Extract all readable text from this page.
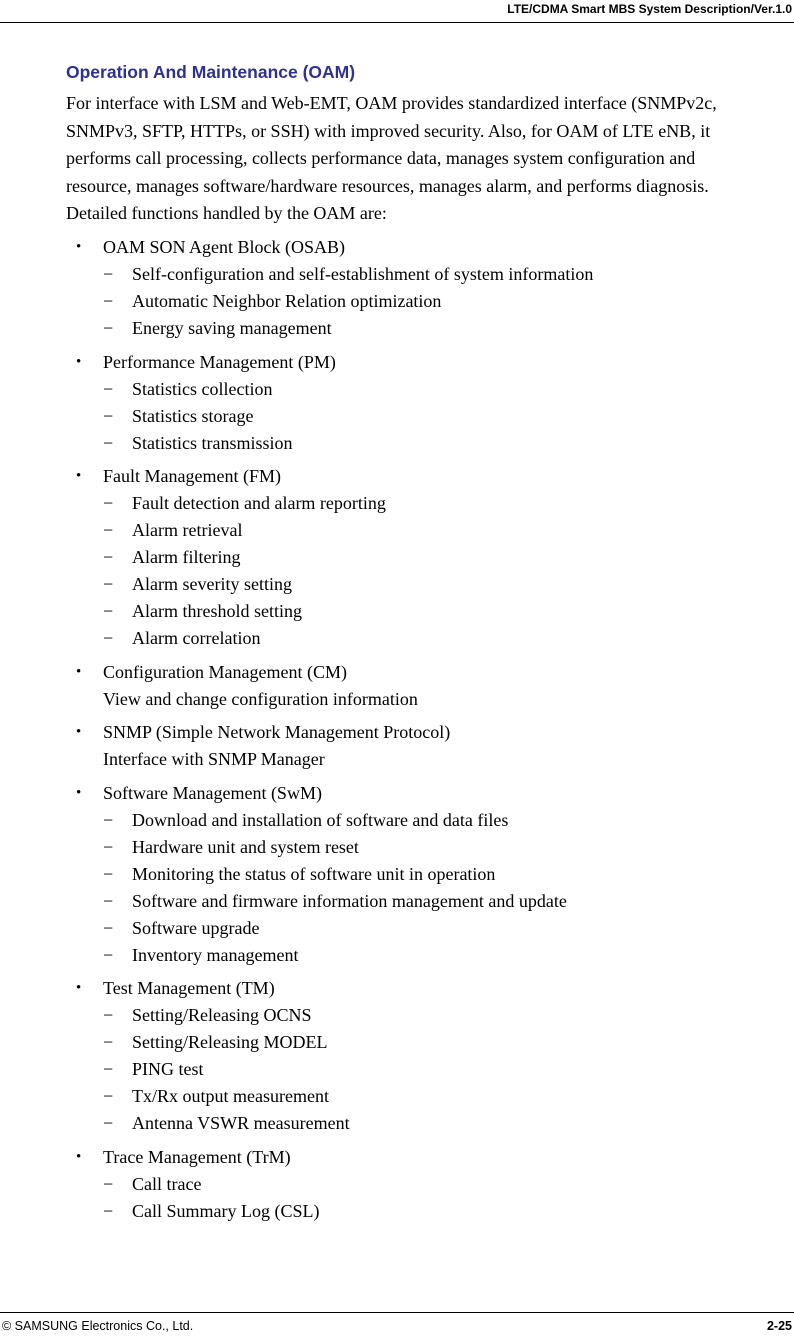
LTE/CDMA Smart MBS System Description/Ver.1.0
Operation And Maintenance (OAM)
For interface with LSM and Web-EMT, OAM provides standardized interface (SNMPv2c,
SNMPv3, SFTP, HTTPs, or SSH) with improved security. Also, for OAM of LTE eNB, it
performs call processing, collects performance data, manages system configuration and
resource, manages software/hardware resources, manages alarm, and performs diagnosis.
Detailed functions handled by the OAM are:
• OAM SON Agent Block (OSAB)
− Self-configuration and self-establishment of system information
− Automatic Neighbor Relation optimization
− Energy saving management
• Performance Management (PM)
− Statistics collection
− Statistics storage
− Statistics transmission
• Fault Management (FM)
− Fault detection and alarm reporting
− Alarm retrieval
− Alarm filtering
− Alarm severity setting
− Alarm threshold setting
− Alarm correlation
• Configuration Management (CM)
View and change configuration information
• SNMP (Simple Network Management Protocol)
Interface with SNMP Manager
• Software Management (SwM)
− Download and installation of software and data files
− Hardware unit and system reset
− Monitoring the status of software unit in operation
− Software and firmware information management and update
− Software upgrade
− Inventory management
• Test Management (TM)
− Setting/Releasing OCNS
− Setting/Releasing MODEL
− PING test
− Tx/Rx output measurement
− Antenna VSWR measurement
• Trace Management (TrM)
− Call trace
− Call Summary Log (CSL)
© SAMSUNG Electronics Co., Ltd.	2-25
